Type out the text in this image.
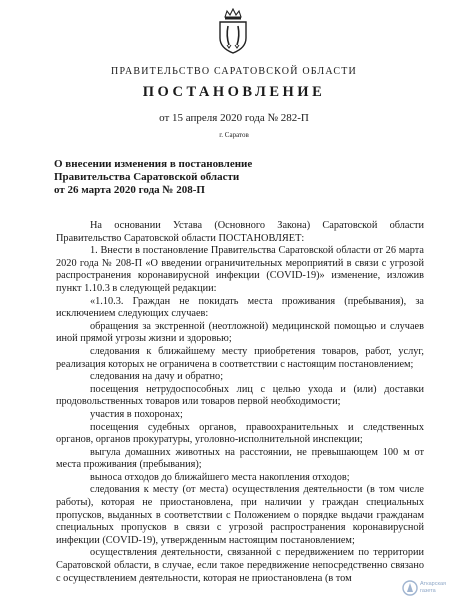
ПРАВИТЕЛЬСТВО САРАТОВСКОЙ ОБЛАСТИ
ПОСТАНОВЛЕНИЕ
от 15 апреля 2020 года № 282-П
г. Саратов
О внесении изменения в постановление
Правительства Саратовской области
от 26 марта 2020 года № 208-П

На основании Устава (Основного Закона) Саратовской области Правительство Саратовской области ПОСТАНОВЛЯЕТ:

1. Внести в постановление Правительства Саратовской области от 26 марта 2020 года № 208-П «О введении ограничительных мероприятий в связи с угрозой распространения коронавирусной инфекции (COVID-19)» изменение, изложив пункт 1.10.3 в следующей редакции:

«1.10.3. Граждан не покидать места проживания (пребывания), за исключением следующих случаев:

обращения за экстренной (неотложной) медицинской помощью и случаев иной прямой угрозы жизни и здоровью;

следования к ближайшему месту приобретения товаров, работ, услуг, реализация которых не ограничена в соответствии с настоящим постановлением;

следования на дачу и обратно;

посещения нетрудоспособных лиц с целью ухода и (или) доставки продовольственных товаров или товаров первой необходимости;

участия в похоронах;

посещения судебных органов, правоохранительных и следственных органов, органов прокуратуры, уголовно-исполнительной инспекции;

выгула домашних животных на расстоянии, не превышающем 100 м от места проживания (пребывания);

выноса отходов до ближайшего места накопления отходов;

следования к месту (от места) осуществления деятельности (в том числе работы), которая не приостановлена, при наличии у граждан специальных пропусков, выданных в соответствии с Положением о порядке выдачи гражданам специальных пропусков в связи с угрозой распространения коронавирусной инфекции (COVID-19), утвержденным настоящим постановлением;

осуществления деятельности, связанной с передвижением по территории Саратовской области, в случае, если такое передвижение непосредственно связано с осуществлением деятельности, которая не приостановлена (в том

Аткарская
газета
